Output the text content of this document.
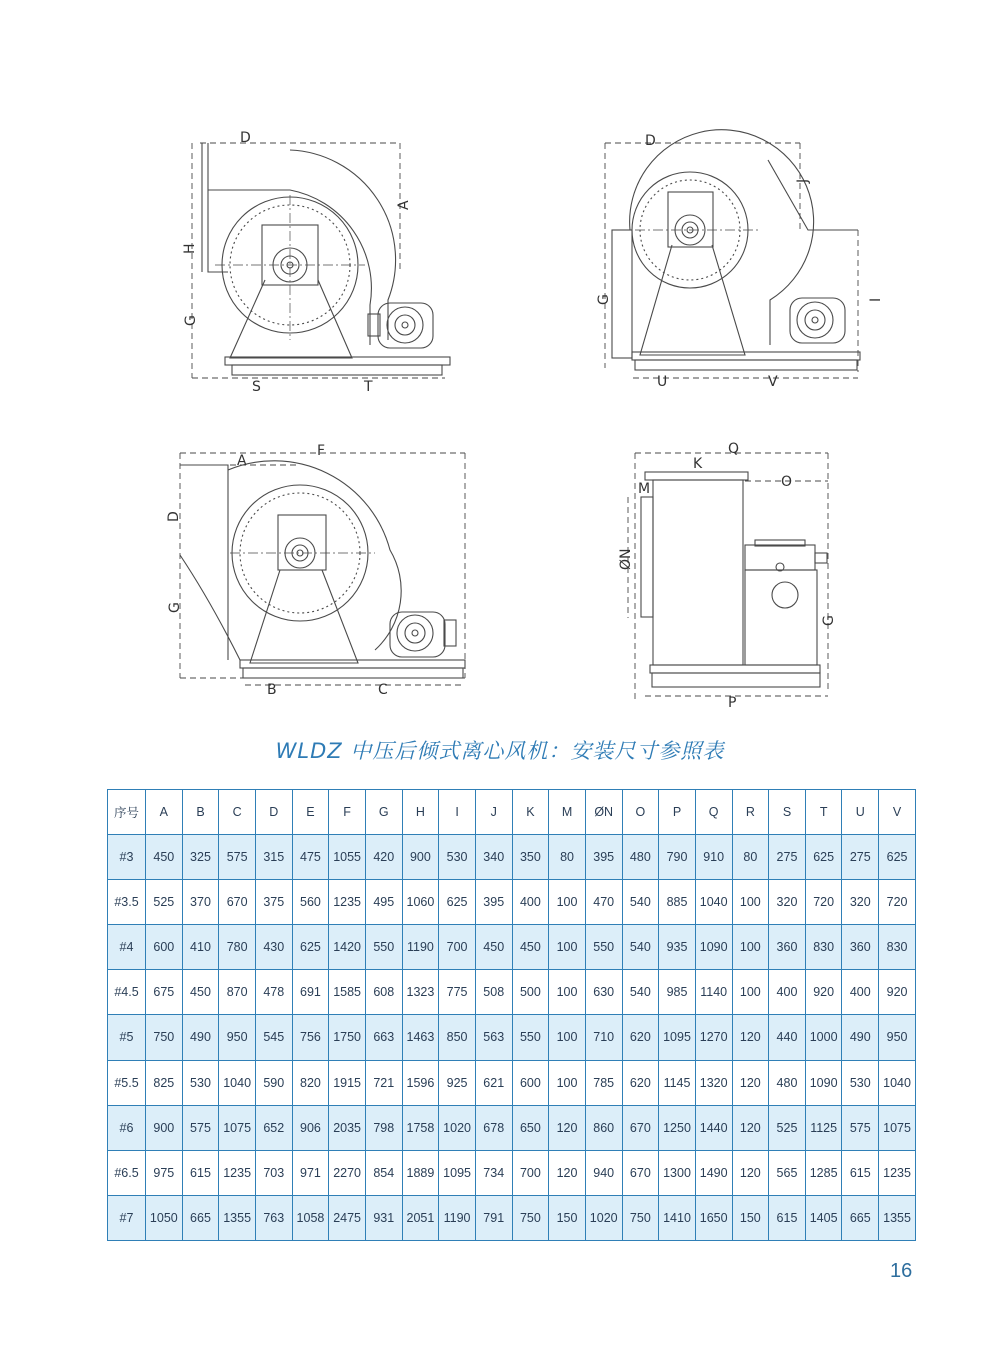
D
A
H
G
S	T
D
J
G	I
U	V
A
F
D
G
B	C
Q
K
M	O
ØN
G
P
WLDZ 中压后倾式离心风机：安装尺寸参照表
序号	A	B	C	D	E	F	G	H	I	J	K	M	ØN	O	P	Q	R	S	T	U	V
#3	450	325	575	315	475	1055	420	900	530	340	350	80	395	480	790	910	80	275	625	275	625
#3.5	525	370	670	375	560	1235	495	1060	625	395	400	100	470	540	885	1040	100	320	720	320	720
#4	600	410	780	430	625	1420	550	1190	700	450	450	100	550	540	935	1090	100	360	830	360	830
#4.5	675	450	870	478	691	1585	608	1323	775	508	500	100	630	540	985	1140	100	400	920	400	920
#5	750	490	950	545	756	1750	663	1463	850	563	550	100	710	620	1095	1270	120	440	1000	490	950
#5.5	825	530	1040	590	820	1915	721	1596	925	621	600	100	785	620	1145	1320	120	480	1090	530	1040
#6	900	575	1075	652	906	2035	798	1758	1020	678	650	120	860	670	1250	1440	120	525	1125	575	1075
#6.5	975	615	1235	703	971	2270	854	1889	1095	734	700	120	940	670	1300	1490	120	565	1285	615	1235
#7	1050	665	1355	763	1058	2475	931	2051	1190	791	750	150	1020	750	1410	1650	150	615	1405	665	1355
16
